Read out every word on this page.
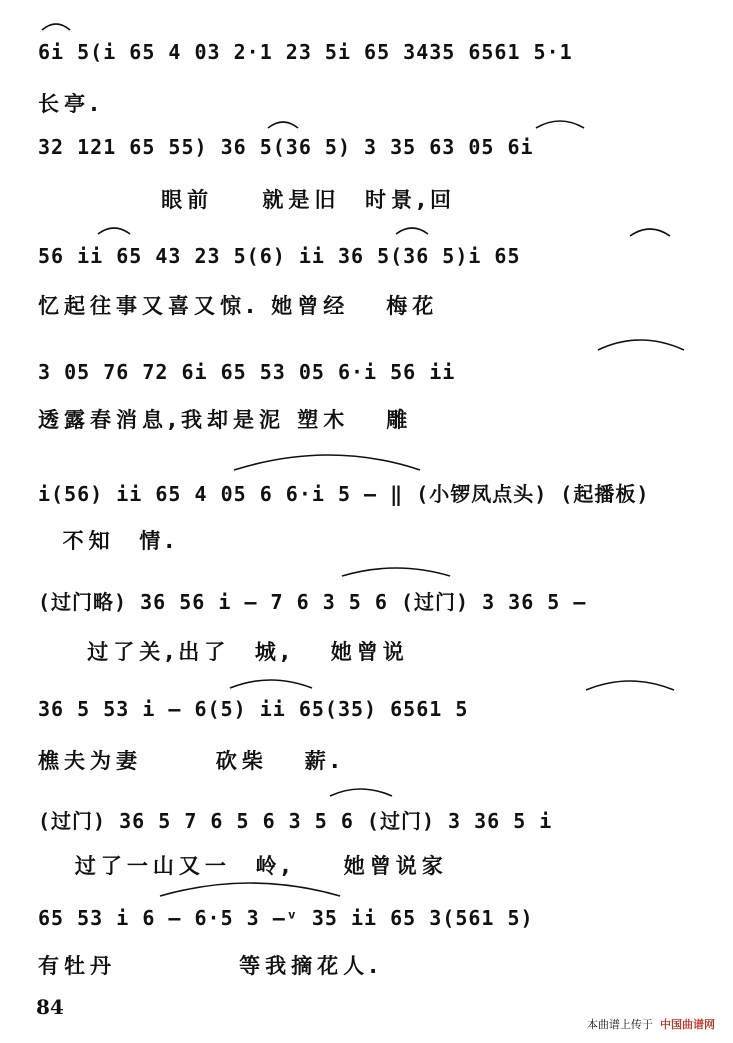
6i 5(i 65 4 03 2·1 23 5i 65 3435 6561 5·1
长亭.
32 121 65 55) 36 5(36 5) 3 35 63 05 6i
眼前    就是旧  时景,回
56 ii 65 43 23 5(6) ii 36 5(36 5)i 65
忆起往事又喜又惊. 她曾经   梅花
3 05 76 72 6i 65 53 05 6·i 56 ii
透露春消息,我却是泥 塑木   雕
i(56) ii 65 4 05 6 6·i 5 — ‖ (小锣凤点头) (起播板)
不知  情.
(过门略) 36 56 i — 7 6 3 5 6 (过门) 3 36 5 —
过了关,出了  城,   她曾说
36 5 53 i — 6(5) ii 65(35) 6561 5
樵夫为妻      砍柴   薪.
(过门) 36 5 7 6 5 6 3 5 6 (过门) 3 36 5 i
过了一山又一  岭,    她曾说家
65 53 i 6 — 6·5 3 —ᵛ 35 ii 65 3(561 5)
有牡丹          等我摘花人.
84
本曲谱上传于 中国曲谱网
